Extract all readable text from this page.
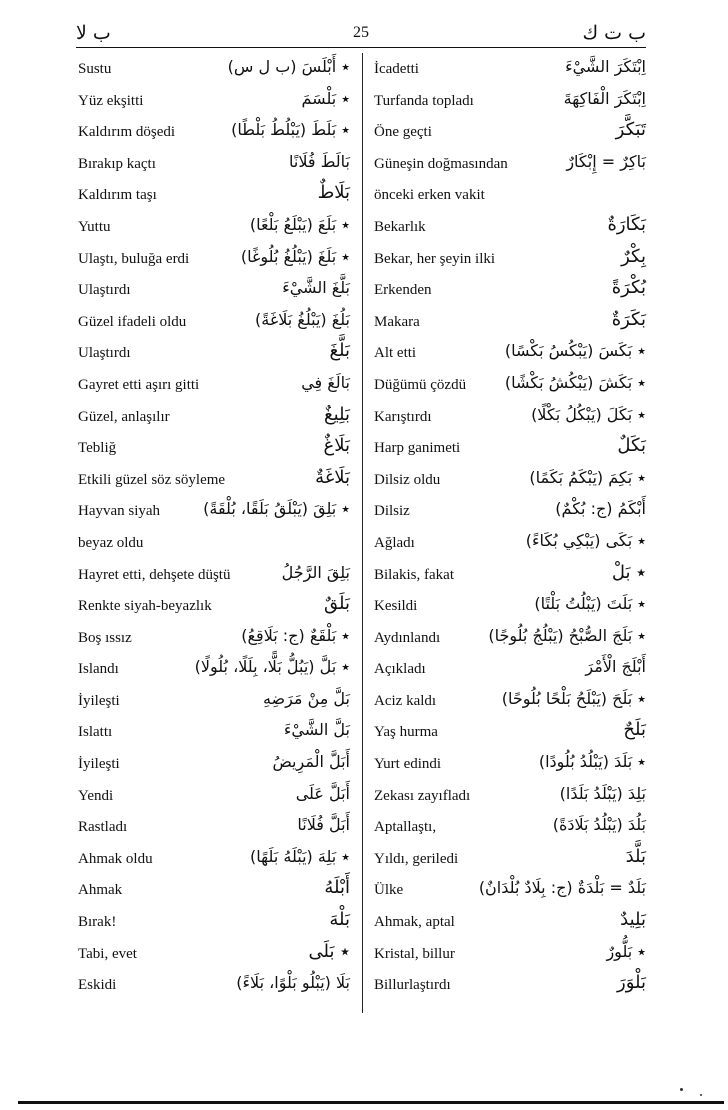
ب لا	25	ب ت ك
Sustu	٭ أَبْلَسَ (ب ل س)
Yüz ekşitti	٭ بَلْسَمَ
Kaldırım döşedi	٭ بَلَطَ (يَبْلُطُ بَلْطًا)
Bırakıp kaçtı	بَالَطَ فُلَانًا
Kaldırım taşı	بَلَاطٌ
Yuttu	٭ بَلَعَ (يَبْلَعُ بَلْعًا)
Ulaştı, buluğa erdi	٭ بَلَغَ (يَبْلُغُ بُلُوغًا)
Ulaştırdı	بَلَّغَ الشَّيْءَ
Güzel ifadeli oldu	بَلُغَ (يَبْلُغُ بَلَاغَةً)
Ulaştırdı	بَلَّغَ
Gayret etti aşırı gitti	بَالَغَ فِي
Güzel, anlaşılır	بَلِيغٌ
Tebliğ	بَلَاغٌ
Etkili güzel söz söyleme	بَلَاغَةٌ
Hayvan siyah	٭ بَلِقَ (يَبْلَقُ بَلَقًا، بُلْقَةً)
beyaz oldu
Hayret etti, dehşete düştü	بَلِقَ الرَّجُلُ
Renkte siyah-beyazlık	بَلَقٌ
Boş ıssız	٭ بَلْقَعٌ (ج: بَلَاقِعُ)
Islandı	٭ بَلَّ (يَبُلُّ بَلًّا، بِلَلًا، بُلُولًا)
İyileşti	بَلَّ مِنْ مَرَضِهِ
Islattı	بَلَّ الشَّيْءَ
İyileşti	أَبَلَّ الْمَرِيضُ
Yendi	أَبَلَّ عَلَى
Rastladı	أَبَلَّ فُلَانًا
Ahmak oldu	٭ بَلِهَ (يَبْلَهُ بَلَهًا)
Ahmak	أَبْلَهُ
Bırak!	بَلْهَ
Tabi, evet	٭ بَلَى
Eskidi	بَلَا (يَبْلُو بَلْوًا، بَلَاءً)
İcadetti	اِبْتَكَرَ الشَّيْءَ
Turfanda topladı	اِبْتَكَرَ الْفَاكِهَةَ
Öne geçti	تَبَكَّرَ
Güneşin doğmasından	بَاكِرٌ = إِبْكَارٌ
önceki erken vakit
Bekarlık	بَكَارَةٌ
Bekar, her şeyin ilki	بِكْرٌ
Erkenden	بُكْرَةً
Makara	بَكَرَةٌ
Alt etti	٭ بَكَسَ (يَبْكُسُ بَكْسًا)
Düğümü çözdü ٭ بَكَشَ (يَبْكُشُ بَكْشًا)
Karıştırdı	٭ بَكَلَ (يَبْكُلُ بَكْلًا)
Harp ganimeti	بَكَلٌ
Dilsiz oldu	٭ بَكِمَ (يَبْكَمُ بَكَمًا)
Dilsiz	أَبْكَمُ (ج: بُكْمٌ)
Ağladı	٭ بَكَى (يَبْكِي بُكَاءً)
Bilakis, fakat	٭ بَلْ
Kesildi	٭ بَلَتَ (يَبْلُتُ بَلْتًا)
Aydınlandı	٭ بَلَجَ الصُّبْحُ (يَبْلُجُ بُلُوجًا)
Açıkladı	أَبْلَجَ الْأَمْرَ
Aciz kaldı	٭ بَلَحَ (يَبْلَحُ بَلْحًا بُلُوحًا)
Yaş hurma	بَلَحٌ
Yurt edindi	٭ بَلَدَ (يَبْلُدُ بُلُودًا)
Zekası zayıfladı	بَلِدَ (يَبْلَدُ بَلَدًا)
Aptallaştı,	بَلُدَ (يَبْلُدُ بَلَادَةً)
Yıldı, geriledi	بَلَّدَ
Ülke	بَلَدٌ = بَلْدَةٌ (ج: بِلَادٌ بُلْدَانٌ)
Ahmak, aptal	بَلِيدٌ
Kristal, billur	٭ بَلُّورٌ
Billurlaştırdı	بَلْوَرَ
